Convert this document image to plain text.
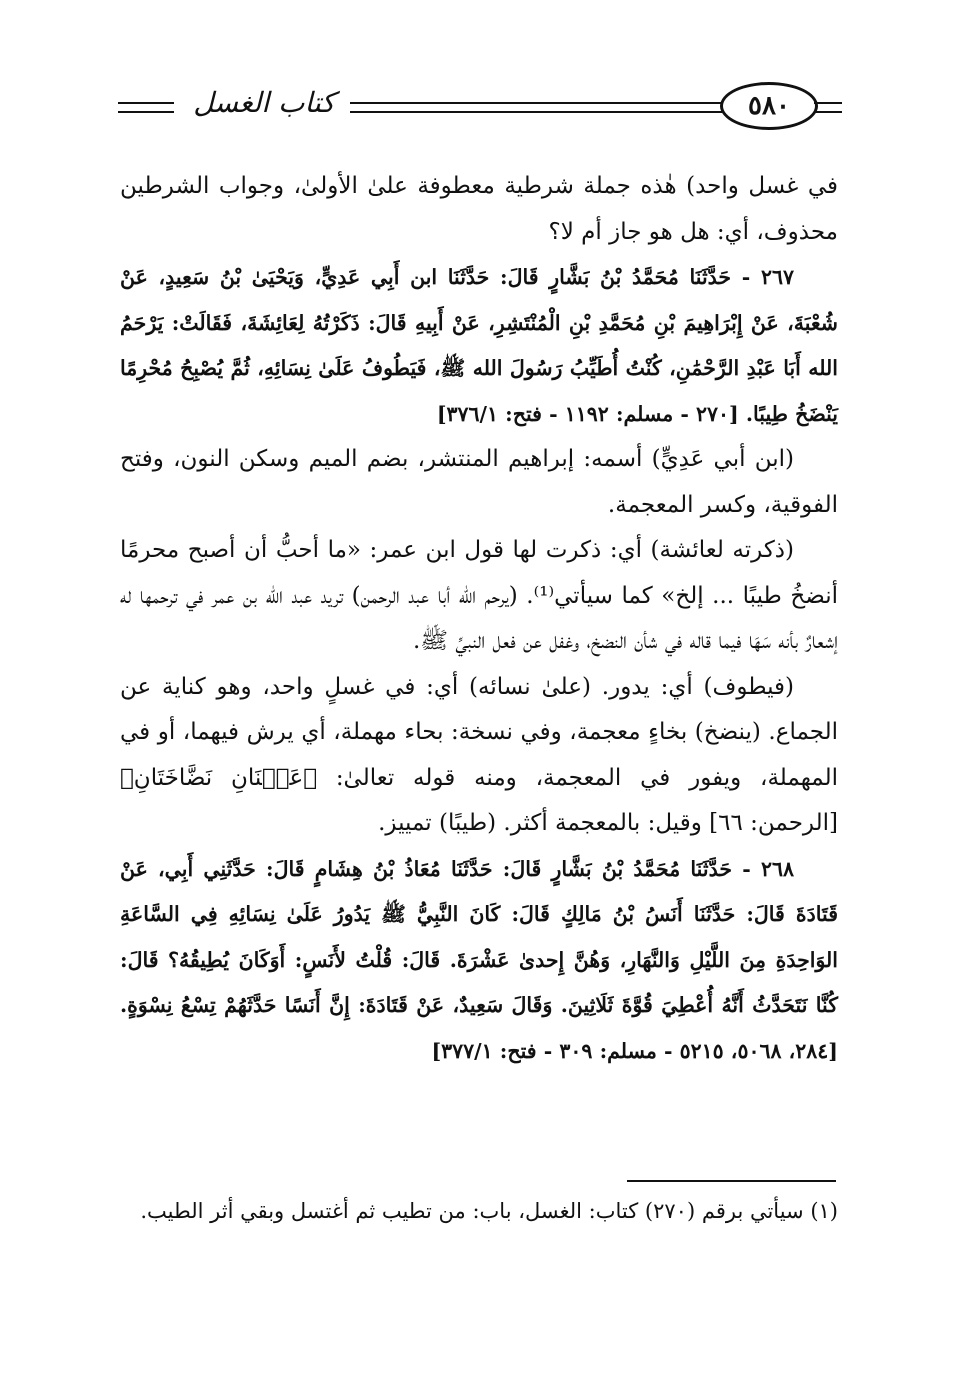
كتاب الغسل	٥٨٠

في غسل واحد) هٰذه جملة شرطية معطوفة علىٰ الأولىٰ، وجواب الشرطين محذوف، أي: هل هو جاز أم لا؟

٢٦٧ - حَدَّثَنَا مُحَمَّدُ بْنُ بَشَّارٍ قَالَ: حَدَّثَنَا ابن أَبِي عَدِيٍّ، وَيَحْيَىٰ بْنُ سَعِيدٍ، عَنْ شُعْبَةَ، عَنْ إِبْرَاهِيمَ بْنِ مُحَمَّدِ بْنِ الْمُنْتَشِرِ، عَنْ أَبِيهِ قَالَ: ذَكَرْتُهُ لِعَائِشَةَ، فَقَالَتْ: يَرْحَمُ الله أَبَا عَبْدِ الرَّحْمَٰنِ، كُنْتُ أُطَيِّبُ رَسُولَ الله ﷺ، فَيَطُوفُ عَلَىٰ نِسَائِهِ، ثُمَّ يُصْبِحُ مُحْرِمًا يَنْضَخُ طِيبًا. [٢٧٠ - مسلم: ١١٩٢ - فتح: ٣٧٦/١]

(ابن أبي عَدِيٍّ) أسمه: إبراهيم المنتشر، بضم الميم وسكن النون، وفتح الفوقية، وكسر المعجمة.

(ذكرته لعائشة) أي: ذكرت لها قول ابن عمر: «ما أحبُّ أن أصبح محرمًا أنضخُ طيبًا ... إلخ» كما سيأتي⁽¹⁾. (يرحم الله أبا عبد الرحمن) تريد عبد الله بن عمر في ترحمها له إشعارٌ بأنه سَهَا فيما قاله في شأن النضخ، وغفل عن فعل النبيِّ ﷺ.

(فيطوف) أي: يدور. (علىٰ نسائه) أي: في غسلٍ واحد، وهو كناية عن الجماع. (ينضخ) بخاءٍ معجمة، وفي نسخة: بحاء مهملة، أي يرش فيهما، أو في المهملة، ويفور في المعجمة، ومنه قوله تعالىٰ: ﴿عَيۡنَانِ نَضَّاخَتَانِ﴾ [الرحمن: ٦٦] وقيل: بالمعجمة أكثر. (طيبًا) تمييز.

٢٦٨ - حَدَّثَنَا مُحَمَّدُ بْنُ بَشَّارٍ قَالَ: حَدَّثَنَا مُعَاذُ بْنُ هِشَامٍ قَالَ: حَدَّثَنِي أَبِي، عَنْ قَتَادَةَ قَالَ: حَدَّثَنَا أَنَسُ بْنُ مَالِكٍ قَالَ: كَانَ النَّبِيُّ ﷺ يَدُورُ عَلَىٰ نِسَائِهِ فِي السَّاعَةِ الوَاحِدَةِ مِنَ اللَّيْلِ وَالنَّهَارِ، وَهُنَّ إِحدىٰ عَشْرَةَ. قَالَ: قُلْتُ لأَنَسٍ: أَوَكَانَ يُطِيقُهُ؟ قَالَ: كُنَّا نَتَحَدَّثُ أَنَّهُ أُعْطِيَ قُوَّةَ ثَلَاثِينَ. وَقَالَ سَعِيدٌ، عَنْ قَتَادَةَ: إِنَّ أَنَسًا حَدَّثَهُمْ تِسْعُ نِسْوَةٍ. [٢٨٤، ٥٠٦٨، ٥٢١٥ - مسلم: ٣٠٩ - فتح: ٣٧٧/١]

(١) سيأتي برقم (٢٧٠) كتاب: الغسل، باب: من تطيب ثم أغتسل وبقي أثر الطيب.
